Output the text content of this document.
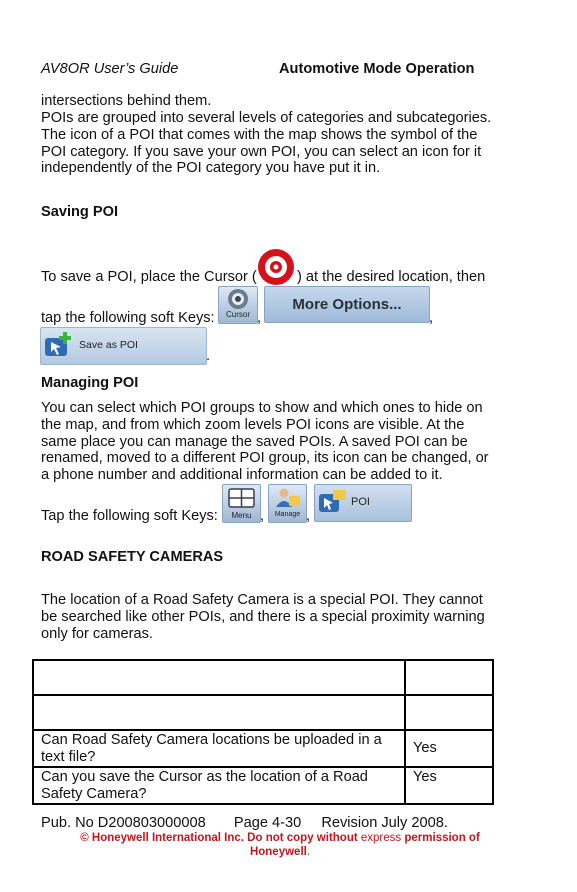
AV8OR User’s Guide	Automotive Mode Operation
intersections behind them.
POIs are grouped into several levels of categories and subcategories. The icon of a POI that comes with the map shows the symbol of the POI category. If you save your own POI, you can select an icon for it independently of the POI category you have put it in.
Saving POI
To save a POI, place the Cursor (	) at the desired location, then
tap the following soft Keys:	Cursor ,
More Options...
,
Save as POI
.
Managing POI
You can select which POI groups to show and which ones to hide on the map, and from which zoom levels POI icons are visible. At the same place you can manage the saved POIs. A saved POI can be renamed, moved to a different POI group, its icon can be changed, or a phone number and additional information can be added to it.
Tap the following soft Keys:	Menu ,	Manage ,
POI
ROAD SAFETY CAMERAS
The location of a Road Safety Camera is a special POI. They cannot be searched like other POIs, and there is a special proximity warning only for cameras.

Can Road Safety Camera locations be uploaded in a text file?	Yes
Can you save the Cursor as the location of a Road Safety Camera?	Yes
Pub. No D200803000008 Page 4-30 Revision July 2008.
© Honeywell International Inc. Do not copy without express permission of
Honeywell.
